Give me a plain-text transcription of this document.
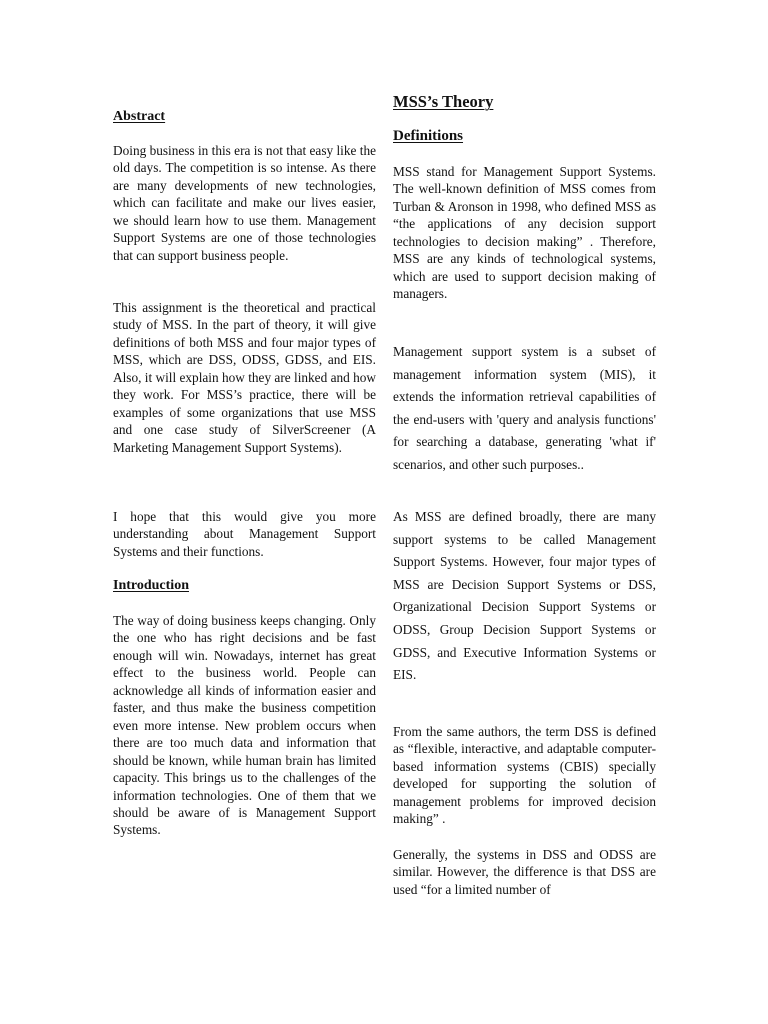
Abstract

Doing business in this era is not that easy like the old days. The competition is so intense. As there are many developments of new technologies, which can facilitate and make our lives easier, we should learn how to use them. Management Support Systems are one of those technologies that can support business people.

This assignment is the theoretical and practical study of MSS. In the part of theory, it will give definitions of both MSS and four major types of MSS, which are DSS, ODSS, GDSS, and EIS. Also, it will explain how they are linked and how they work. For MSS’s practice, there will be examples of some organizations that use MSS and one case study of SilverScreener (A Marketing Management Support Systems).

I hope that this would give you more understanding about Management Support Systems and their functions.

Introduction

The way of doing business keeps changing. Only the one who has right decisions and be fast enough will win. Nowadays, internet has great effect to the business world. People can acknowledge all kinds of information easier and faster, and thus make the business competition even more intense. New problem occurs when there are too much data and information that should be known, while human brain has limited capacity. This brings us to the challenges of the information technologies. One of them that we should be aware of is Management Support Systems.

MSS’s Theory
Definitions

MSS stand for Management Support Systems. The well-known definition of MSS comes from Turban & Aronson in 1998, who defined MSS as “the applications of any decision support technologies to decision making” . Therefore, MSS are any kinds of technological systems, which are used to support decision making of managers.

Management support system is a subset of management information system (MIS), it extends the information retrieval capabilities of the end-users with 'query and analysis functions' for searching a database, generating 'what if' scenarios, and other such purposes..

As MSS are defined broadly, there are many support systems to be called Management Support Systems. However, four major types of MSS are Decision Support Systems or DSS, Organizational Decision Support Systems or ODSS, Group Decision Support Systems or GDSS, and Executive Information Systems or EIS.

From the same authors, the term DSS is defined as “flexible, interactive, and adaptable computer-based information systems (CBIS) specially developed for supporting the solution of management problems for improved decision making” .

Generally, the systems in DSS and ODSS are similar. However, the difference is that DSS are used “for a limited number of
